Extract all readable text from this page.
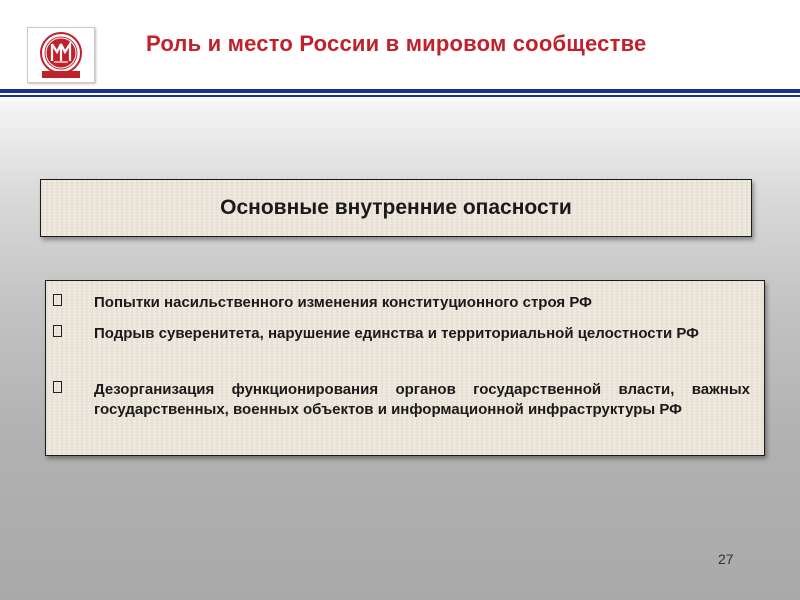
Роль и место России в мировом сообществе
Основные внутренние опасности
Попытки насильственного изменения конституционного строя РФ
Подрыв суверенитета, нарушение единства и территориальной целостности РФ
Дезорганизация функционирования органов государственной власти, важных государственных, военных объектов и информационной инфраструктуры РФ
27
